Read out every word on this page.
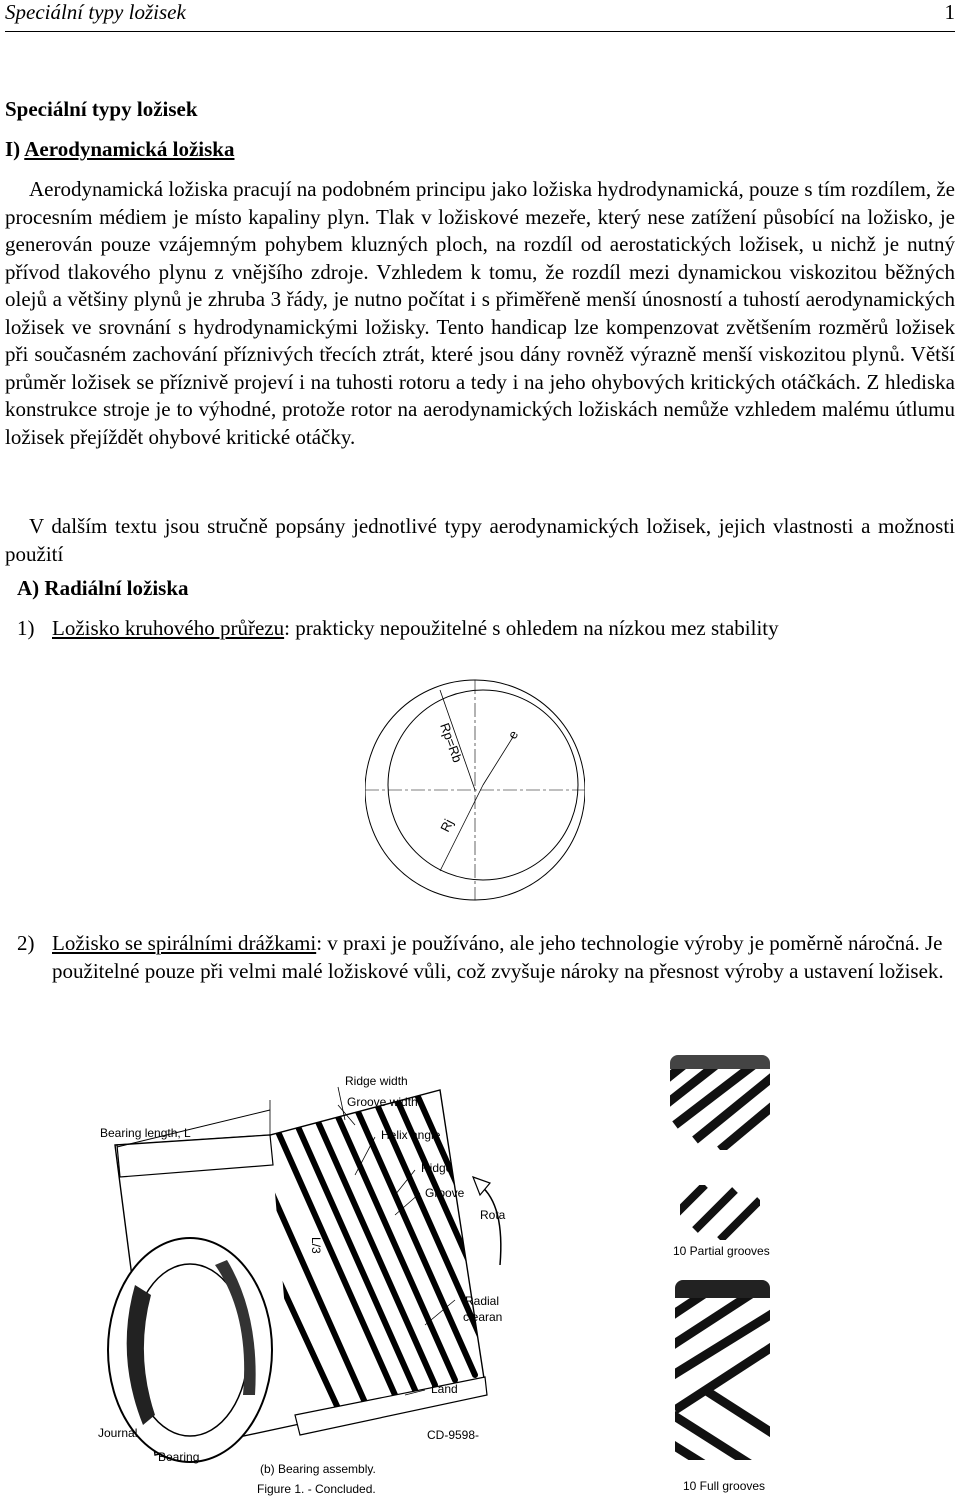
Speciální typy ložisek	1
Speciální typy ložisek
I) Aerodynamická ložiska

Aerodynamická ložiska pracují na podobném principu jako ložiska hydrodynamická, pouze s tím rozdílem, že procesním médiem je místo kapaliny plyn. Tlak v ložiskové mezeře, který nese zatížení působící na ložisko, je generován pouze vzájemným pohybem kluzných ploch, na rozdíl od aerostatických ložisek, u nichž je nutný přívod tlakového plynu z vnějšího zdroje. Vzhledem k tomu, že rozdíl mezi dynamickou viskozitou běžných olejů a většiny plynů je zhruba 3 řády, je nutno počítat i s přiměřeně menší únosností a tuhostí aerodynamických ložisek ve srovnání s hydrodynamickými ložisky. Tento handicap lze kompenzovat zvětšením rozměrů ložisek při současném zachování příznivých třecích ztrát, které jsou dány rovněž výrazně menší viskozitou plynů. Větší průměr ložisek se příznivě projeví i na tuhosti rotoru a tedy i na jeho ohybových kritických otáčkách. Z hlediska konstrukce stroje je to výhodné, protože rotor na aerodynamických ložiskách nemůže vzhledem malému útlumu ložisek přejíždět ohybové kritické otáčky.

V dalším textu jsou stručně popsány jednotlivé typy aerodynamických ložisek, jejich vlastnosti a možnosti použití

A) Radiální ložiska
1) Ložisko kruhového průřezu: prakticky nepoužitelné s ohledem na nízkou mez stability
Rp=Rb	e
Rj
2) Ložisko se spirálními drážkami: v praxi je používáno, ale jeho technologie výroby je poměrně náročná. Je použitelné pouze při velmi malé ložiskové vůli, což zvyšuje nároky na přesnost výroby a ustavení ložisek.
Ridge width
Groove width
Bearing length, L	Helix angle
Ridge
Groove
Rota
L/3
Radial
clearan
Land
Journal	CD-9598-
Bearing
(b) Bearing assembly.
Figure 1. - Concluded.
10 Partial grooves
10 Full grooves
